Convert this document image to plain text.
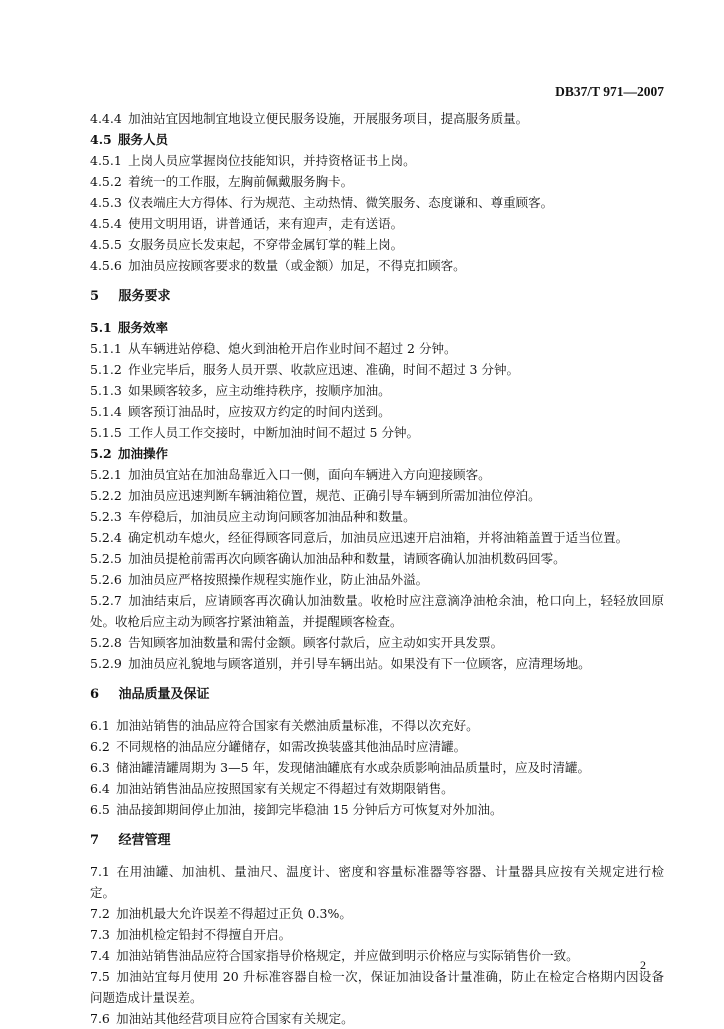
DB37/T 971—2007
4.4.4  加油站宜因地制宜地设立便民服务设施，开展服务项目，提高服务质量。
4.5  服务人员
4.5.1  上岗人员应掌握岗位技能知识，并持资格证书上岗。
4.5.2  着统一的工作服，左胸前佩戴服务胸卡。
4.5.3  仪表端庄大方得体、行为规范、主动热情、微笑服务、态度谦和、尊重顾客。
4.5.4  使用文明用语，讲普通话，来有迎声，走有送语。
4.5.5  女服务员应长发束起，不穿带金属钉掌的鞋上岗。
4.5.6  加油员应按顾客要求的数量（或金额）加足，不得克扣顾客。
5  服务要求
5.1  服务效率
5.1.1  从车辆进站停稳、熄火到油枪开启作业时间不超过 2 分钟。
5.1.2  作业完毕后，服务人员开票、收款应迅速、准确，时间不超过 3 分钟。
5.1.3  如果顾客较多，应主动维持秩序，按顺序加油。
5.1.4  顾客预订油品时，应按双方约定的时间内送到。
5.1.5  工作人员工作交接时，中断加油时间不超过 5 分钟。
5.2  加油操作
5.2.1  加油员宜站在加油岛靠近入口一侧，面向车辆进入方向迎接顾客。
5.2.2  加油员应迅速判断车辆油箱位置，规范、正确引导车辆到所需加油位停泊。
5.2.3  车停稳后，加油员应主动询问顾客加油品种和数量。
5.2.4  确定机动车熄火，经征得顾客同意后，加油员应迅速开启油箱，并将油箱盖置于适当位置。
5.2.5  加油员提枪前需再次向顾客确认加油品种和数量，请顾客确认加油机数码回零。
5.2.6  加油员应严格按照操作规程实施作业，防止油品外溢。
5.2.7  加油结束后，应请顾客再次确认加油数量。收枪时应注意滴净油枪余油，枪口向上，轻轻放回原处。收枪后应主动为顾客拧紧油箱盖，并提醒顾客检查。
5.2.8  告知顾客加油数量和需付金额。顾客付款后，应主动如实开具发票。
5.2.9  加油员应礼貌地与顾客道别，并引导车辆出站。如果没有下一位顾客，应清理场地。
6  油品质量及保证
6.1  加油站销售的油品应符合国家有关燃油质量标准，不得以次充好。
6.2  不同规格的油品应分罐储存，如需改换装盛其他油品时应清罐。
6.3  储油罐清罐周期为 3—5 年，发现储油罐底有水或杂质影响油品质量时，应及时清罐。
6.4  加油站销售油品应按照国家有关规定不得超过有效期限销售。
6.5  油品接卸期间停止加油，接卸完毕稳油 15 分钟后方可恢复对外加油。
7  经营管理
7.1  在用油罐、加油机、量油尺、温度计、密度和容量标准器等容器、计量器具应按有关规定进行检定。
7.2  加油机最大允许误差不得超过正负 0.3%。
7.3  加油机检定铅封不得擅自开启。
7.4  加油站销售油品应符合国家指导价格规定，并应做到明示价格应与实际销售价一致。
7.5  加油站宜每月使用 20 升标准容器自检一次，保证加油设备计量准确，防止在检定合格期内因设备问题造成计量误差。
7.6  加油站其他经营项目应符合国家有关规定。
2
